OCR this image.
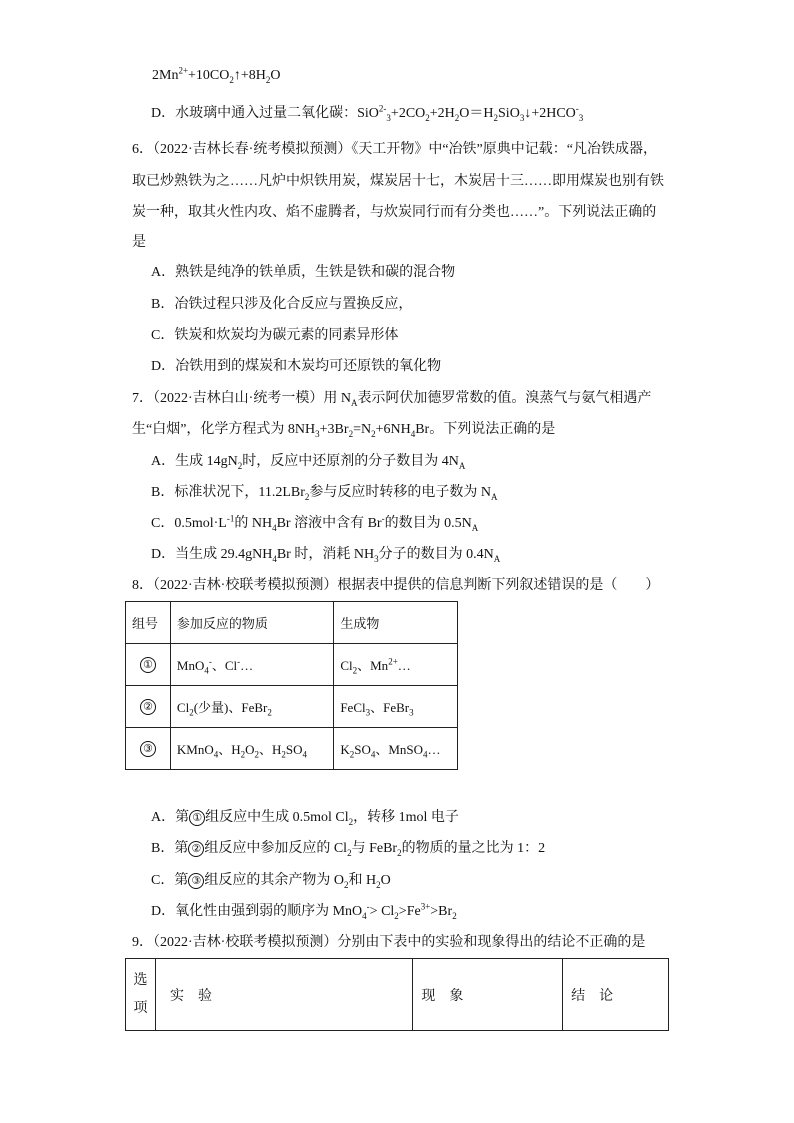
$2Mn^{2+}+10CO_2↑+8H_2O$
D．水玻璃中通入过量二氧化碳：$SiO^{2-}_3+2CO_2+2H_2O=H_2SiO_3↓+2HCO^-_3$
6．（2022·吉林长春·统考模拟预测）《天工开物》中“冶铁”原典中记载：“凡冶铁成器，
取已炒熟铁为之……凡炉中炽铁用炭，煤炭居十七，木炭居十三……即用煤炭也别有铁
炭一种，取其火性内攻、焰不虚腾者，与炊炭同行而有分类也……”。下列说法正确的
是
A．熟铁是纯净的铁单质，生铁是铁和碳的混合物
B．冶铁过程只涉及化合反应与置换反应，
C．铁炭和炊炭均为碳元素的同素异形体
D．冶铁用到的煤炭和木炭均可还原铁的氧化物
7．（2022·吉林白山·统考一模）用 $N_A$表示阿伏加德罗常数的值。溴蒸气与氨气相遇产
生“白烟”，化学方程式为 $8NH_3+3Br_2=N_2+6NH_4Br$。下列说法正确的是
A．生成 $14gN_2$时，反应中还原剂的分子数目为 $4N_A$
B．标准状况下，11.2LBr$_2$参与反应时转移的电子数为 $N_A$
C．$0.5mol\cdot L^{-1}$的 $NH_4Br$ 溶液中含有 Br-的数目为 $0.5N_A$
D．当生成 29.4gNH$_4$Br 时，消耗 $NH_3$分子的数目为 $0.4N_A$
8．（2022·吉林·校联考模拟预测）根据表中提供的信息判断下列叙述错误的是（　　）
组号	参加反应的物质	生成物
①	MnO$_4$-、Cl-…	$Cl_2$、$Mn^{2+}\dots$
②	$Cl_2$(少量)、FeBr$_2$	FeCl$_3$、FeBr$_3$
③	KMnO$_4$、$H_2O_2$、$H_2SO_4$	$K_2SO_4$、MnSO$_4$…
A．第 ① 组反应中生成 0.5mol $Cl_2$，转移 1mol 电子
B．第 ② 组反应中参加反应的 $Cl_2$与 FeBr$_2$的物质的量之比为 1：2
C．第 ③ 组反应的其余产物为 $O_2$和 $H_2O$
D．氧化性由强到弱的顺序为 $MnO_4^-> Cl_2>Fe^{3+}>Br_2$
9．（2022·吉林·校联考模拟预测）分别由下表中的实验和现象得出的结论不正确的是
选
项
	实　验	现　象	结　论
